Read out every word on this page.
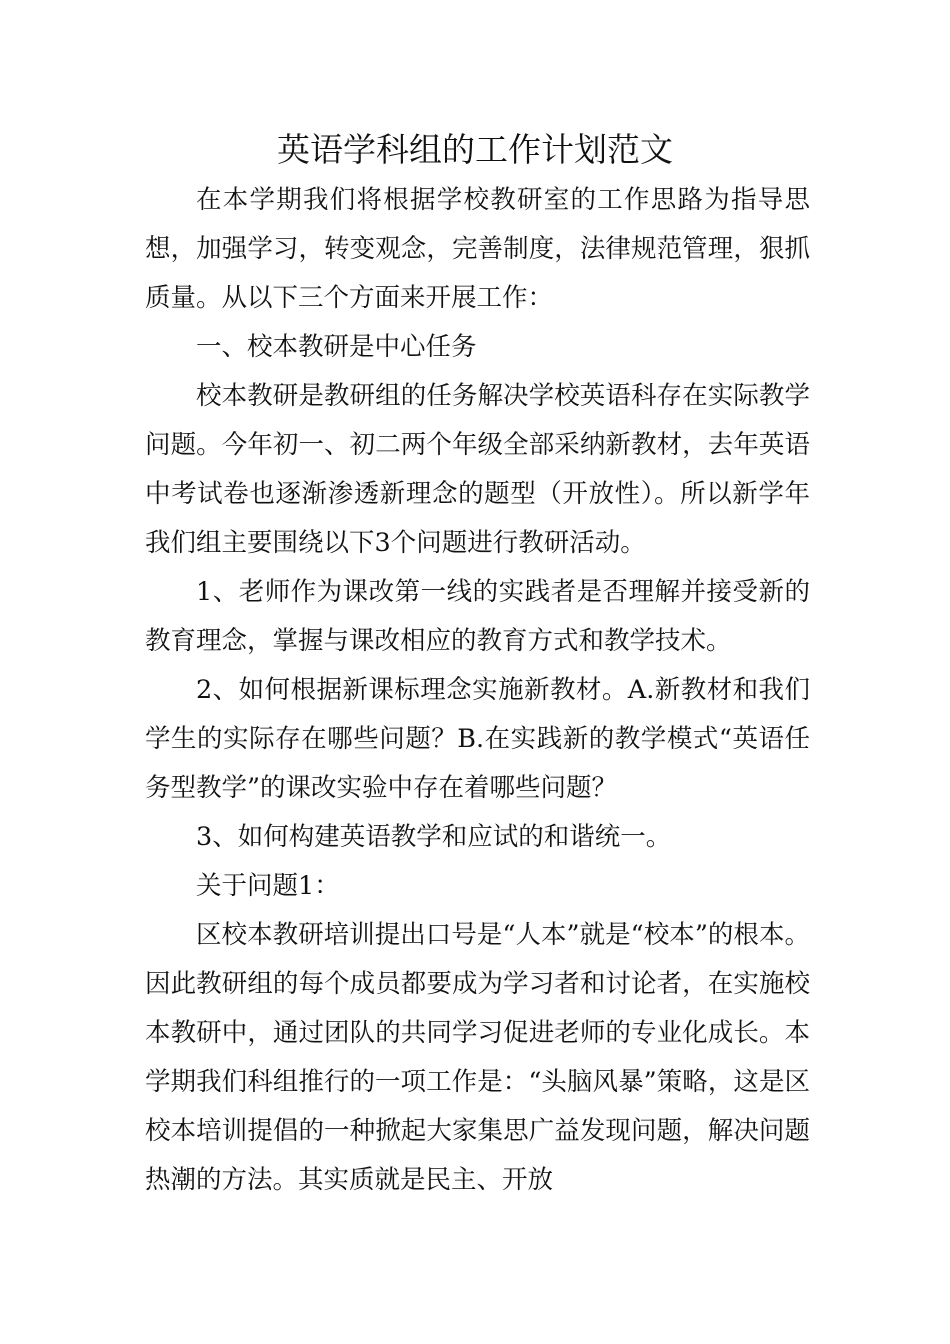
英语学科组的工作计划范文

在本学期我们将根据学校教研室的工作思路为指导思想，加强学习，转变观念，完善制度，法律规范管理，狠抓质量。从以下三个方面来开展工作：

一、校本教研是中心任务

校本教研是教研组的任务解决学校英语科存在实际教学问题。今年初一、初二两个年级全部采纳新教材，去年英语中考试卷也逐渐渗透新理念的题型（开放性）。所以新学年我们组主要围绕以下3个问题进行教研活动。

1、老师作为课改第一线的实践者是否理解并接受新的教育理念，掌握与课改相应的教育方式和教学技术。

2、如何根据新课标理念实施新教材。A.新教材和我们学生的实际存在哪些问题？B.在实践新的教学模式“英语任务型教学”的课改实验中存在着哪些问题？

3、如何构建英语教学和应试的和谐统一。

关于问题1：

区校本教研培训提出口号是“人本”就是“校本”的根本。因此教研组的每个成员都要成为学习者和讨论者，在实施校本教研中，通过团队的共同学习促进老师的专业化成长。本学期我们科组推行的一项工作是：“头脑风暴”策略，这是区校本培训提倡的一种掀起大家集思广益发现问题，解决问题热潮的方法。其实质就是民主、开放
